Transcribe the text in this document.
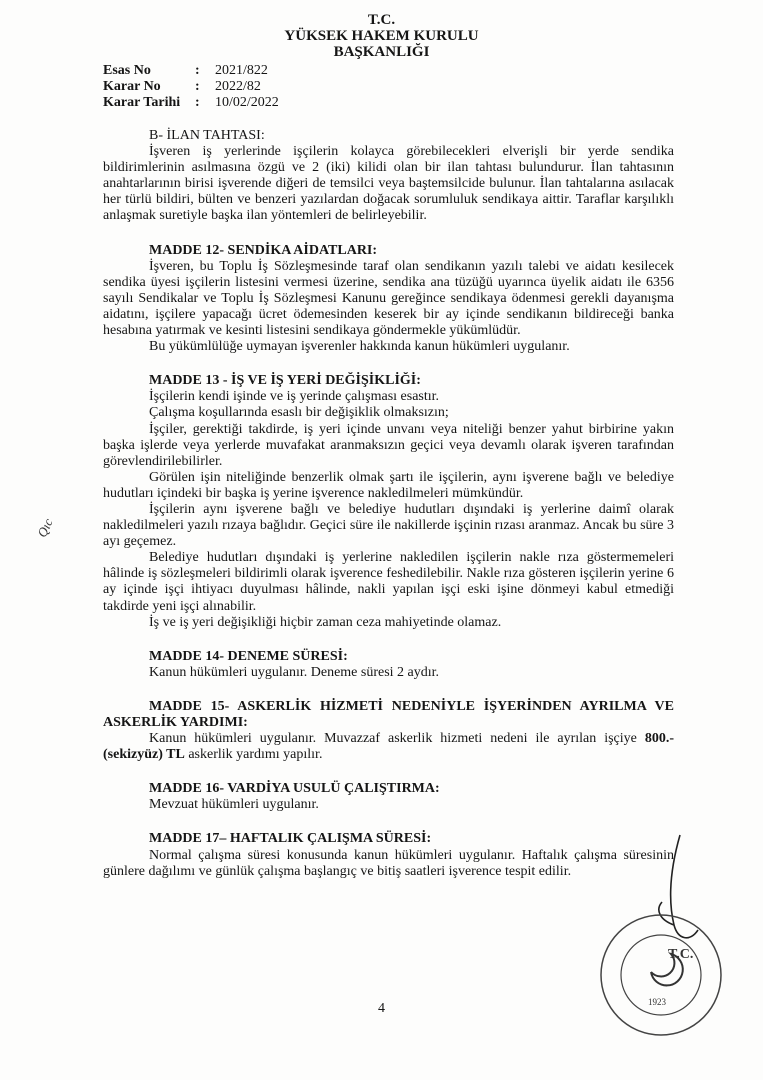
T.C.
YÜKSEK HAKEM KURULU
BAŞKANLIĞI
Esas No	:	2021/822
Karar No	:	2022/82
Karar Tarihi	:	10/02/2022

B- İLAN TAHTASI:

İşveren iş yerlerinde işçilerin kolayca görebilecekleri elverişli bir yerde sendika bildirimlerinin asılmasına özgü ve 2 (iki) kilidi olan bir ilan tahtası bulundurur. İlan tahtasının anahtarlarının birisi işverende diğeri de temsilci veya baştemsilcide bulunur. İlan tahtalarına asılacak her türlü bildiri, bülten ve benzeri yazılardan doğacak sorumluluk sendikaya aittir. Taraflar karşılıklı anlaşmak suretiyle başka ilan yöntemleri de belirleyebilir.

MADDE 12- SENDİKA AİDATLARI:

İşveren, bu Toplu İş Sözleşmesinde taraf olan sendikanın yazılı talebi ve aidatı kesilecek sendika üyesi işçilerin listesini vermesi üzerine, sendika ana tüzüğü uyarınca üyelik aidatı ile 6356 sayılı Sendikalar ve Toplu İş Sözleşmesi Kanunu gereğince sendikaya ödenmesi gerekli dayanışma aidatını, işçilere yapacağı ücret ödemesinden keserek bir ay içinde sendikanın bildireceği banka hesabına yatırmak ve kesinti listesini sendikaya göndermekle yükümlüdür.

Bu yükümlülüğe uymayan işverenler hakkında kanun hükümleri uygulanır.

MADDE 13 - İŞ VE İŞ YERİ DEĞİŞİKLİĞİ:

İşçilerin kendi işinde ve iş yerinde çalışması esastır.

Çalışma koşullarında esaslı bir değişiklik olmaksızın;

İşçiler, gerektiği takdirde, iş yeri içinde unvanı veya niteliği benzer yahut birbirine yakın başka işlerde veya yerlerde muvafakat aranmaksızın geçici veya devamlı olarak işveren tarafından görevlendirilebilirler.

Görülen işin niteliğinde benzerlik olmak şartı ile işçilerin, aynı işverene bağlı ve belediye hudutları içindeki bir başka iş yerine işverence nakledilmeleri mümkündür.

İşçilerin aynı işverene bağlı ve belediye hudutları dışındaki iş yerlerine daimî olarak nakledilmeleri yazılı rızaya bağlıdır. Geçici süre ile nakillerde işçinin rızası aranmaz. Ancak bu süre 3 ayı geçemez.

Belediye hudutları dışındaki iş yerlerine nakledilen işçilerin nakle rıza göstermemeleri hâlinde iş sözleşmeleri bildirimli olarak işverence feshedilebilir. Nakle rıza gösteren işçilerin yerine 6 ay içinde işçi ihtiyacı duyulması hâlinde, nakli yapılan işçi eski işine dönmeyi kabul etmediği takdirde yeni işçi alınabilir.

İş ve iş yeri değişikliği hiçbir zaman ceza mahiyetinde olamaz.

MADDE 14- DENEME SÜRESİ:

Kanun hükümleri uygulanır. Deneme süresi 2 aydır.

MADDE 15- ASKERLİK HİZMETİ NEDENİYLE İŞYERİNDEN AYRILMA VE ASKERLİK YARDIMI:

Kanun hükümleri uygulanır. Muvazzaf askerlik hizmeti nedeni ile ayrılan işçiye 800.- (sekizyüz) TL askerlik yardımı yapılır.

MADDE 16- VARDİYA USULÜ ÇALIŞTIRMA:

Mevzuat hükümleri uygulanır.

MADDE 17– HAFTALIK ÇALIŞMA SÜRESİ:

Normal çalışma süresi konusunda kanun hükümleri uygulanır. Haftalık çalışma süresinin günlere dağılımı ve günlük çalışma başlangıç ve bitiş saatleri işverence tespit edilir.

Qıc
T.C.
1923
4
